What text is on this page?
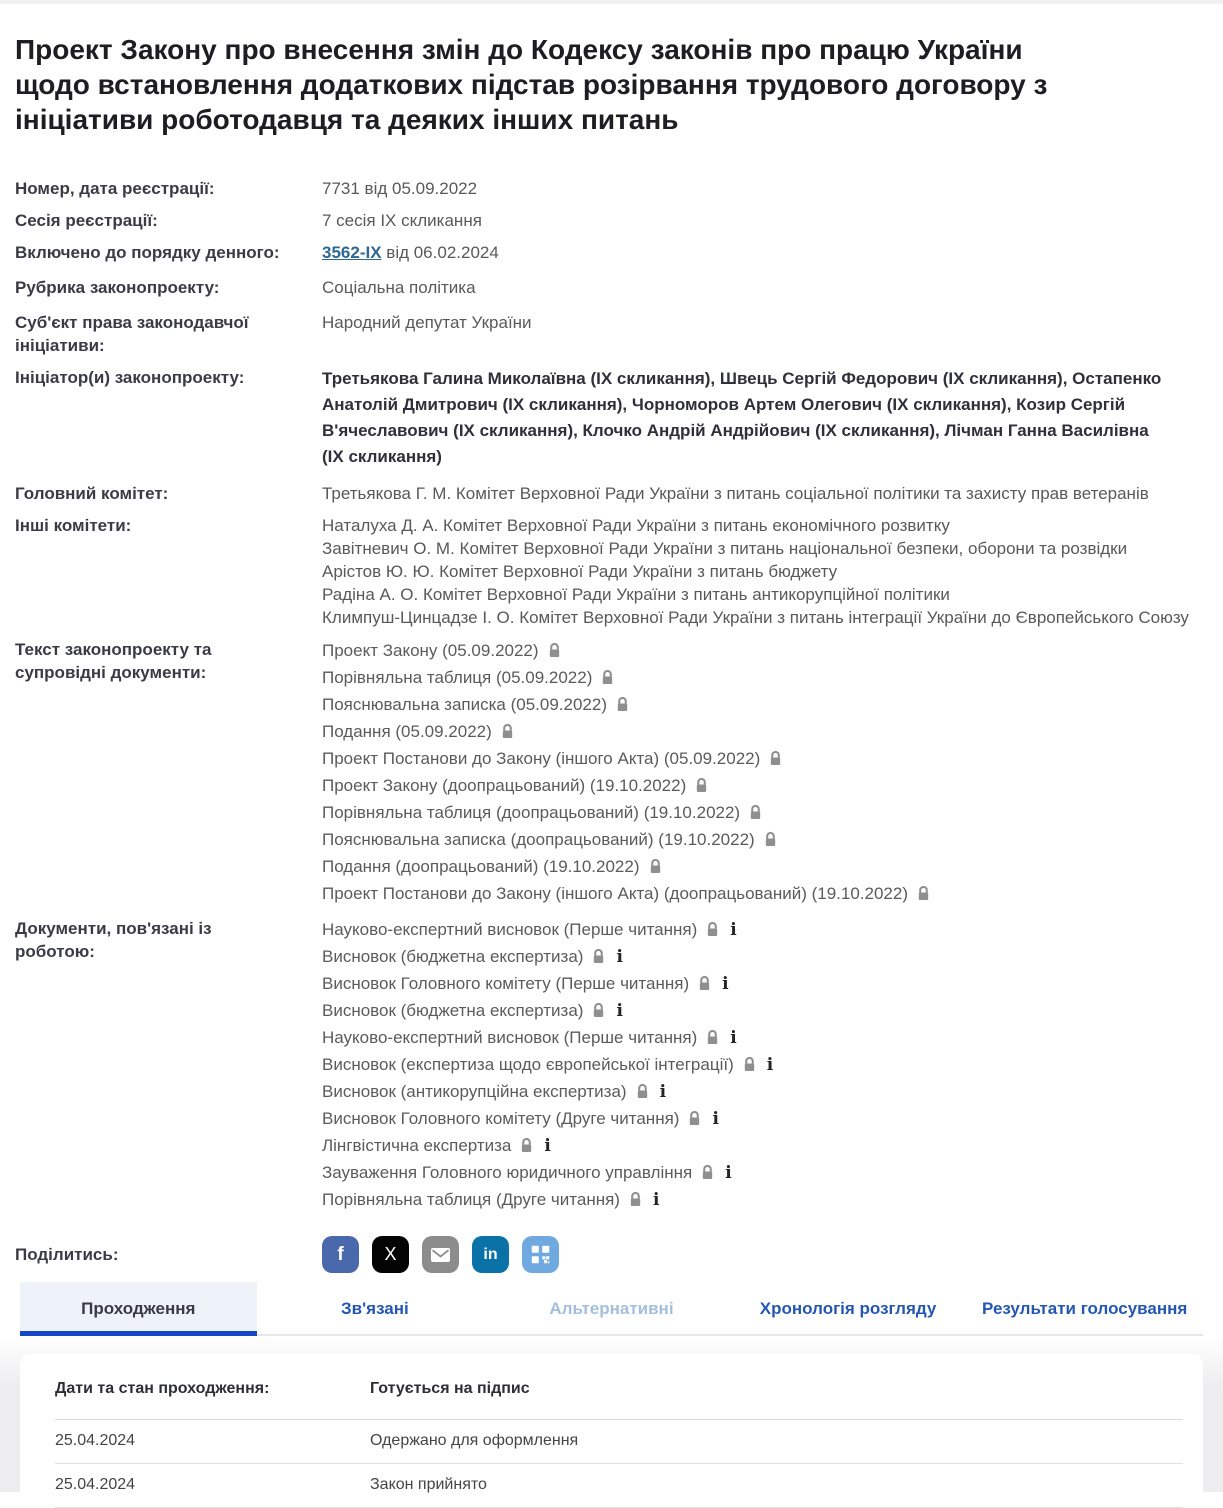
Проект Закону про внесення змін до Кодексу законів про працю України щодо встановлення додаткових підстав розірвання трудового договору з ініціативи роботодавця та деяких інших питань
Номер, дата реєстрації:	7731 від 05.09.2022
Сесія реєстрації:	7 сесія IX скликання
Включено до порядку денного:	3562-IX від 06.02.2024
Рубрика законопроекту:	Соціальна політика
Суб'єкт права законодавчої ініціативи:
Народний депутат України
Ініціатор(и) законопроекту:	Третьякова Галина Миколаївна (IX скликання), Швець Сергій Федорович (IX скликання), Остапенко Анатолій Дмитрович (IX скликання), Чорноморов Артем Олегович (IX скликання), Козир Сергій В'ячеславович (IX скликання), Клочко Андрій Андрійович (IX скликання), Лічман Ганна Василівна (IX скликання)
Головний комітет:	Третьякова Г. М. Комітет Верховної Ради України з питань соціальної політики та захисту прав ветеранів
Інші комітети:	Наталуха Д. А. Комітет Верховної Ради України з питань економічного розвитку
Завітневич О. М. Комітет Верховної Ради України з питань національної безпеки, оборони та розвідки
Арістов Ю. Ю. Комітет Верховної Ради України з питань бюджету
Радіна А. О. Комітет Верховної Ради України з питань антикорупційної політики
Климпуш-Цинцадзе І. О. Комітет Верховної Ради України з питань інтеграції України до Європейського Союзу
Текст законопроекту та супровідні документи:
Проект Закону (05.09.2022)
Порівняльна таблиця (05.09.2022)
Пояснювальна записка (05.09.2022)
Подання (05.09.2022)
Проект Постанови до Закону (іншого Акта) (05.09.2022)
Проект Закону (доопрацьований) (19.10.2022)
Порівняльна таблиця (доопрацьований) (19.10.2022)
Пояснювальна записка (доопрацьований) (19.10.2022)
Подання (доопрацьований) (19.10.2022)
Проект Постанови до Закону (іншого Акта) (доопрацьований) (19.10.2022)
Документи, пов'язані із роботою:
Науково-експертний висновок (Перше читання) i
Висновок (бюджетна експертиза) i
Висновок Головного комітету (Перше читання) i
Висновок (бюджетна експертиза) i
Науково-експертний висновок (Перше читання) i
Висновок (експертиза щодо європейської інтеграції) i
Висновок (антикорупційна експертиза) i
Висновок Головного комітету (Друге читання) i
Лінгвістична експертиза i
Зауваження Головного юридичного управління i
Порівняльна таблиця (Друге читання) i
Поділитись:	f X	in
Проходження	Зв'язані	Альтернативні	Хронологія розгляду	Результати голосування
Дати та стан проходження:	Готується на підпис
25.04.2024	Одержано для оформлення
25.04.2024	Закон прийнято
